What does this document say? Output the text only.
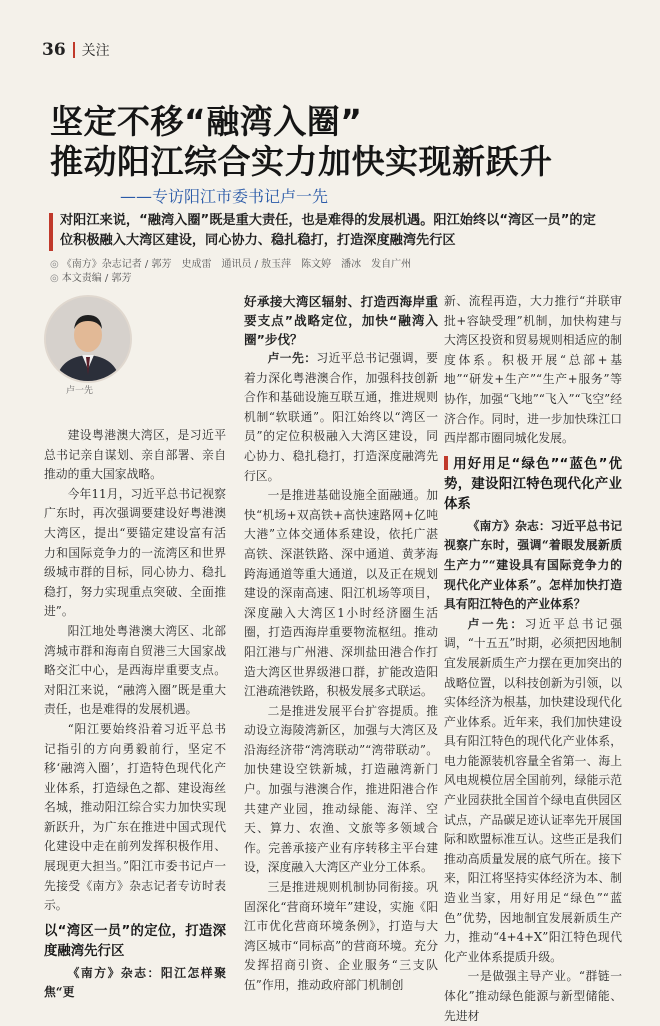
36 关注
坚定不移“融湾入圈”
推动阳江综合实力加快实现新跃升
——专访阳江市委书记卢一先
对阳江来说，“融湾入圈”既是重大责任，也是难得的发展机遇。阳江始终以“湾区一员”的定位积极融入大湾区建设，同心协力、稳扎稳打，打造深度融湾先行区
◎ 《南方》杂志记者 / 郭芳　史成雷　通讯员 / 敖玉萍　陈文婷　潘冰　发自广州
◎ 本文责编 / 郭芳
卢一先

建设粤港澳大湾区，是习近平总书记亲自谋划、亲自部署、亲自推动的重大国家战略。

今年11月，习近平总书记视察广东时，再次强调要建设好粤港澳大湾区，提出“要锚定建设富有活力和国际竞争力的一流湾区和世界级城市群的目标，同心协力、稳扎稳打，努力实现重点突破、全面推进”。

阳江地处粤港澳大湾区、北部湾城市群和海南自贸港三大国家战略交汇中心，是西海岸重要支点。对阳江来说，“融湾入圈”既是重大责任，也是难得的发展机遇。

“阳江要始终沿着习近平总书记指引的方向勇毅前行，坚定不移‘融湾入圈’，打造特色现代化产业体系，打造绿色之都、建设海丝名城，推动阳江综合实力加快实现新跃升，为广东在推进中国式现代化建设中走在前列发挥积极作用、展现更大担当。”阳江市委书记卢一先接受《南方》杂志记者专访时表示。

以“湾区一员”的定位，打造深度融湾先行区

《南方》杂志：阳江怎样聚焦“更

好承接大湾区辐射、打造西海岸重要支点”战略定位，加快“融湾入圈”步伐？

卢一先：习近平总书记强调，要着力深化粤港澳合作，加强科技创新合作和基础设施互联互通，推进规则机制“软联通”。阳江始终以“湾区一员”的定位积极融入大湾区建设，同心协力、稳扎稳打，打造深度融湾先行区。

一是推进基础设施全面融通。加快“机场+双高铁+高快速路网+亿吨大港”立体交通体系建设，依托广湛高铁、深湛铁路、深中通道、黄茅海跨海通道等重大通道，以及正在规划建设的深南高速、阳江机场等项目，深度融入大湾区1小时经济圈生活圈，打造西海岸重要物流枢纽。推动阳江港与广州港、深圳盐田港合作打造大湾区世界级港口群，扩能改造阳江港疏港铁路，积极发展多式联运。

二是推进发展平台扩容提质。推动设立海陵湾新区，加强与大湾区及沿海经济带“湾湾联动”“湾带联动”。加快建设空铁新城，打造融湾新门户。加强与港澳合作，推进阳港合作共建产业园，推动绿能、海洋、空天、算力、农渔、文旅等多领域合作。完善承接产业有序转移主平台建设，深度融入大湾区产业分工体系。

三是推进规则机制协同衔接。巩固深化“营商环境年”建设，实施《阳江市优化营商环境条例》，打造与大湾区城市“同标高”的营商环境。充分发挥招商引资、企业服务“三支队伍”作用，推动政府部门机制创

新、流程再造，大力推行“并联审批+容缺受理”机制，加快构建与大湾区投资和贸易规则相适应的制度体系。积极开展“总部+基地”“研发+生产”“生产+服务”等协作，加强“飞地”“飞入”“飞空”经济合作。同时，进一步加快珠江口西岸都市圈同城化发展。

用好用足“绿色”“蓝色”优势，建设阳江特色现代化产业体系

《南方》杂志：习近平总书记视察广东时，强调“着眼发展新质生产力”“建设具有国际竞争力的现代化产业体系”。怎样加快打造具有阳江特色的产业体系？

卢一先：习近平总书记强调，“十五五”时期，必须把因地制宜发展新质生产力摆在更加突出的战略位置，以科技创新为引领，以实体经济为根基，加快建设现代化产业体系。近年来，我们加快建设具有阳江特色的现代化产业体系，电力能源装机容量全省第一、海上风电规模位居全国前列，绿能示范产业园获批全国首个绿电直供园区试点，产品碳足迹认证率先开展国际和欧盟标准互认。这些正是我们推动高质量发展的底气所在。接下来，阳江将坚持实体经济为本、制造业当家，用好用足“绿色”“蓝色”优势，因地制宜发展新质生产力，推动“4+4+X”阳江特色现代化产业体系提质升级。

一是做强主导产业。“群链一体化”推动绿色能源与新型储能、先进材
